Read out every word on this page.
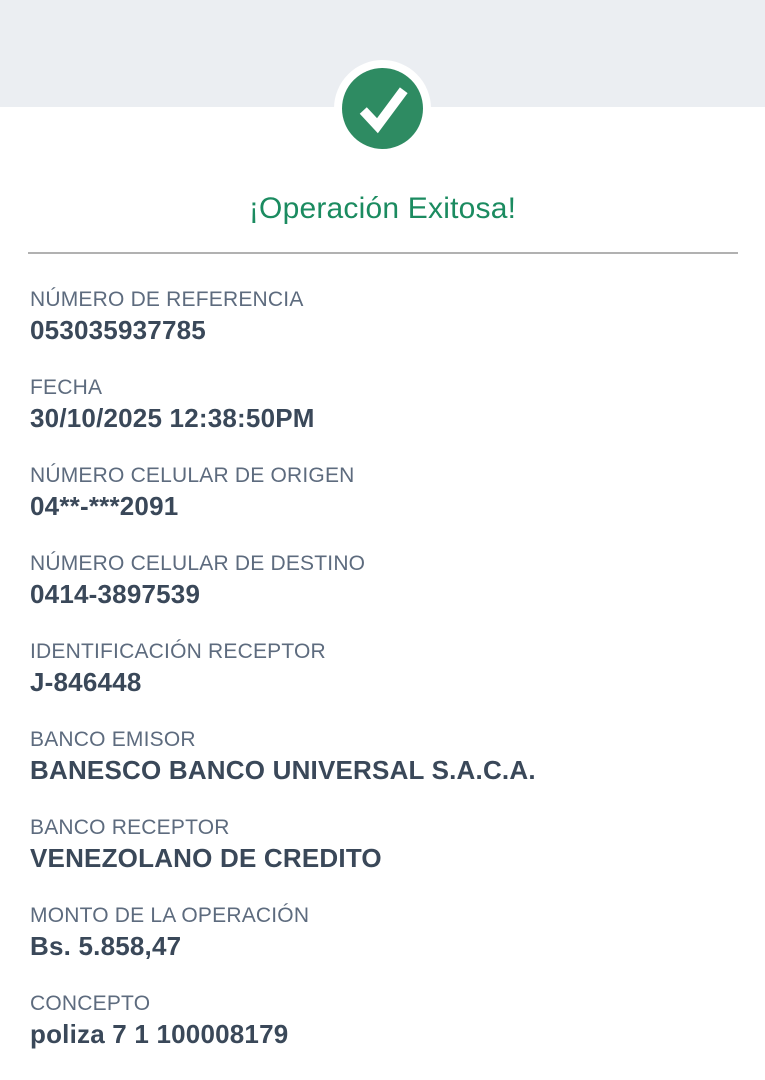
¡Operación Exitosa!
NÚMERO DE REFERENCIA
053035937785
FECHA
30/10/2025 12:38:50PM
NÚMERO CELULAR DE ORIGEN
04**-***2091
NÚMERO CELULAR DE DESTINO
0414-3897539
IDENTIFICACIÓN RECEPTOR
J-846448
BANCO EMISOR
BANESCO BANCO UNIVERSAL S.A.C.A.
BANCO RECEPTOR
VENEZOLANO DE CREDITO
MONTO DE LA OPERACIÓN
Bs. 5.858,47
CONCEPTO
poliza 7 1 100008179
